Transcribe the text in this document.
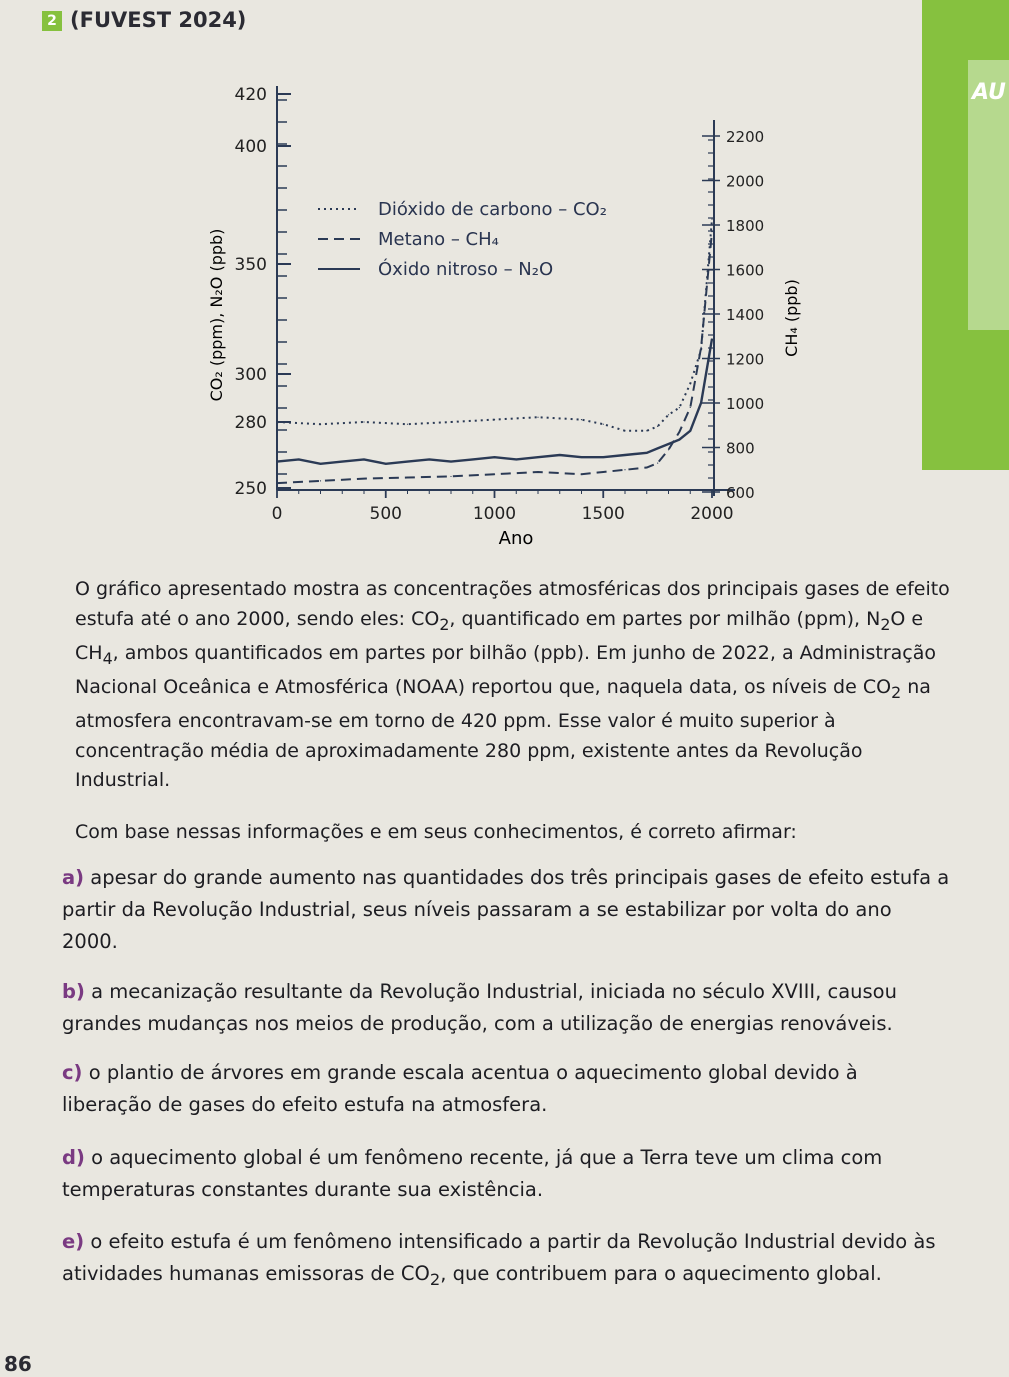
AU
2 (FUVEST 2024)
250
280
300
350
400
420
600
800
1000
1200
1400
1600
1800
2000
2200
0	500	1000	1500	2000
Dióxido de carbono – CO₂
Metano – CH₄
Óxido nitroso – N₂O
Ano
CO₂ (ppm), N₂O (ppb)	CH₄ (ppb)
O gráfico apresentado mostra as concentrações atmosféricas dos principais gases de efeito estufa até o ano 2000, sendo eles: $CO_2$, quantificado em partes por milhão (ppm), $N_2O$ e $CH_4$, ambos quantificados em partes por bilhão (ppb). Em junho de 2022, a Administração Nacional Oceânica e Atmosférica (NOAA) reportou que, naquela data, os níveis de $CO_2$ na atmosfera encontravam-se em torno de 420 ppm. Esse valor é muito superior à concentração média de aproximadamente 280 ppm, existente antes da Revolução Industrial.
Com base nessas informações e em seus conhecimentos, é correto afirmar:
a) apesar do grande aumento nas quantidades dos três principais gases de efeito estufa a partir da Revolução Industrial, seus níveis passaram a se estabilizar por volta do ano 2000.
b) a mecanização resultante da Revolução Industrial, iniciada no século XVIII, causou grandes mudanças nos meios de produção, com a utilização de energias renováveis.
c) o plantio de árvores em grande escala acentua o aquecimento global devido à liberação de gases do efeito estufa na atmosfera.
d) o aquecimento global é um fenômeno recente, já que a Terra teve um clima com temperaturas constantes durante sua existência.
e) o efeito estufa é um fenômeno intensificado a partir da Revolução Industrial devido às atividades humanas emissoras de $CO_2$, que contribuem para o aquecimento global.
86
